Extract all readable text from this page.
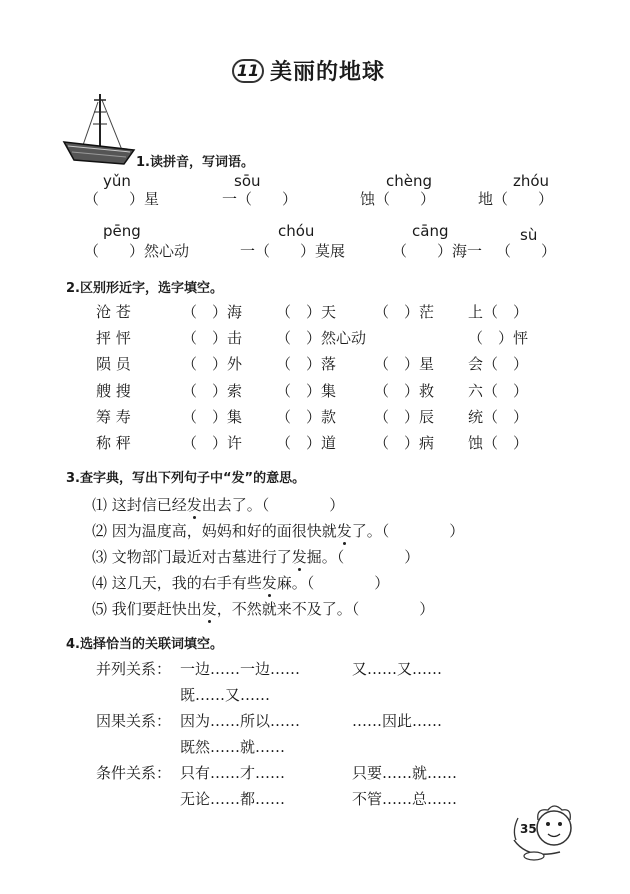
11 美丽的地球
1.读拼音，写词语。
yǔn	sōu	chèng	zhóu
（　　）星	一（　　）	蚀（　　）	地（　　）
pēng	chóu	cāng	sù
（　　）然心动	一（　　）莫展	（　　）海一 （　　）
2.区别形近字，选字填空。
沧 苍	（　）海 （　）天	（　）茫 上（　）
抨 怦	（　）击 （　）然心动	（　）怦
陨 员	（　）外 （　）落	（　）星 会（　）
艘 搜	（　）索 （　）集	（　）救 六（　）
筹 寿	（　）集 （　）款	（　）辰 统（　）
称 秤	（　）许 （　）道	（　）病 蚀（　）
3.查字典，写出下列句子中“发”的意思。
⑴ 这封信已经发出去了。（　　　　）
⑵ 因为温度高，妈妈和好的面很快就发了。（　　　　）
⑶ 文物部门最近对古墓进行了发掘。（　　　　）
⑷ 这几天，我的右手有些发麻。（　　　　）
⑸ 我们要赶快出发，不然就来不及了。（　　　　）
4.选择恰当的关联词填空。
并列关系： 一边……一边……	又……又……
既……又……
因果关系： 因为……所以……	……因此……
既然……就……
条件关系： 只有……才……	只要……就……
无论……都……	不管……总……
35
